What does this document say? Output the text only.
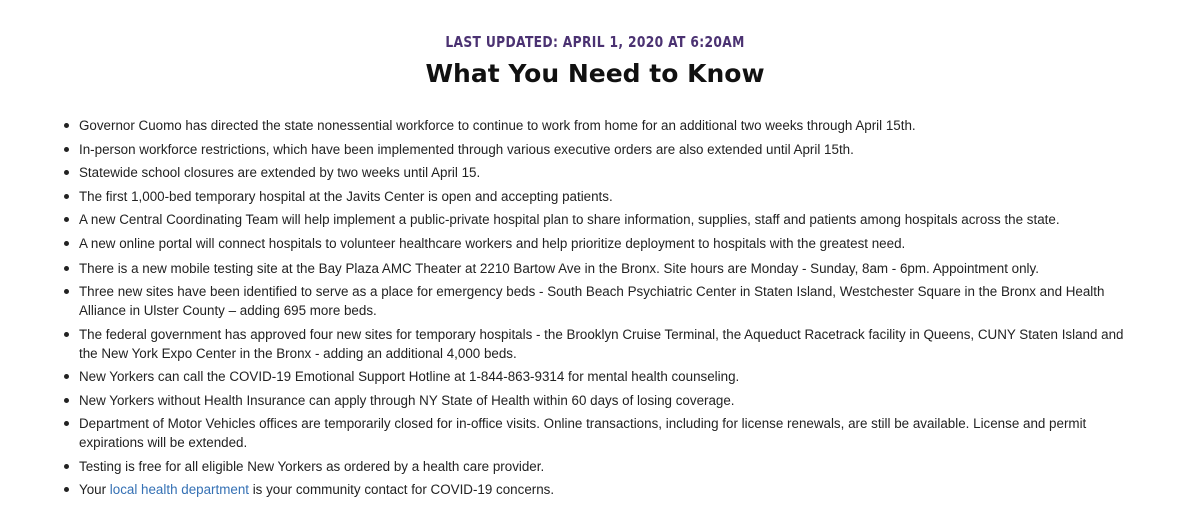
LAST UPDATED: APRIL 1, 2020 AT 6:20AM
What You Need to Know
Governor Cuomo has directed the state nonessential workforce to continue to work from home for an additional two weeks through April 15th.
In-person workforce restrictions, which have been implemented through various executive orders are also extended until April 15th.
Statewide school closures are extended by two weeks until April 15.
The first 1,000-bed temporary hospital at the Javits Center is open and accepting patients.
A new Central Coordinating Team will help implement a public-private hospital plan to share information, supplies, staff and patients among hospitals across the state.
A new online portal will connect hospitals to volunteer healthcare workers and help prioritize deployment to hospitals with the greatest need.
There is a new mobile testing site at the Bay Plaza AMC Theater at 2210 Bartow Ave in the Bronx. Site hours are Monday - Sunday, 8am - 6pm. Appointment only.
Three new sites have been identified to serve as a place for emergency beds - South Beach Psychiatric Center in Staten Island, Westchester Square in the Bronx and Health Alliance in Ulster County – adding 695 more beds.
The federal government has approved four new sites for temporary hospitals - the Brooklyn Cruise Terminal, the Aqueduct Racetrack facility in Queens, CUNY Staten Island and the New York Expo Center in the Bronx - adding an additional 4,000 beds.
New Yorkers can call the COVID-19 Emotional Support Hotline at 1-844-863-9314 for mental health counseling.
New Yorkers without Health Insurance can apply through NY State of Health within 60 days of losing coverage.
Department of Motor Vehicles offices are temporarily closed for in-office visits. Online transactions, including for license renewals, are still be available. License and permit expirations will be extended.
Testing is free for all eligible New Yorkers as ordered by a health care provider.
Your local health department is your community contact for COVID-19 concerns.
